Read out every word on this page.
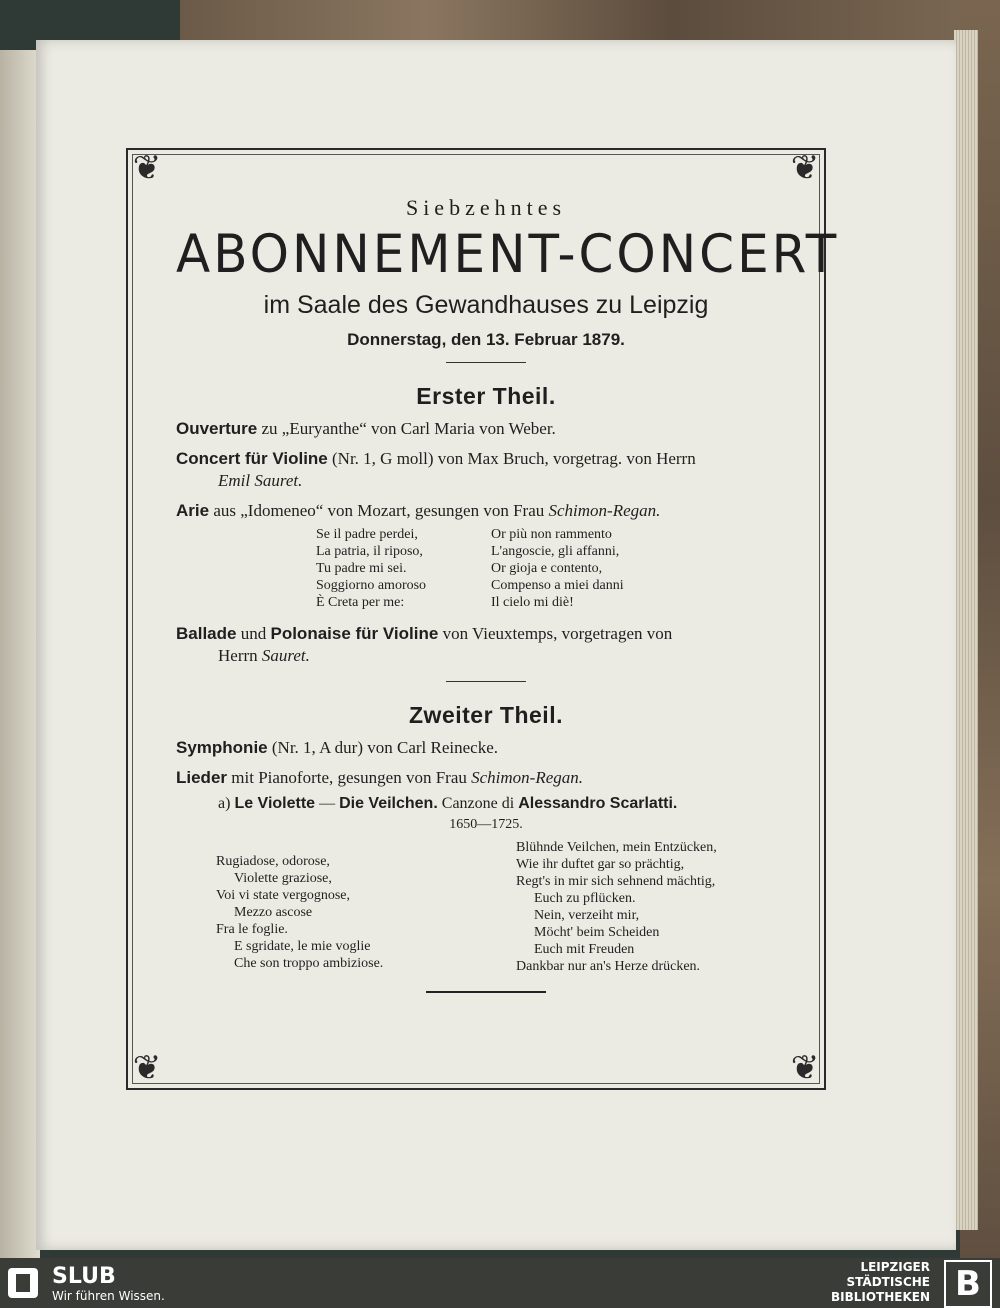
❦	❦
❦	❦
Siebzehntes
ABONNEMENT-CONCERT
im Saale des Gewandhauses zu Leipzig
Donnerstag, den 13. Februar 1879.
Erster Theil.
Ouverture zu „Euryanthe“ von Carl Maria von Weber.
Concert für Violine (Nr. 1, G moll) von Max Bruch, vorgetrag. von Herrn
Emil Sauret.
Arie aus „Idomeneo“ von Mozart, gesungen von Frau Schimon-Regan.
Se il padre perdei,
La patria, il riposo,
Tu padre mi sei.
Soggiorno amoroso
È Creta per me:
Or più non rammento
L'angoscie, gli affanni,
Or gioja e contento,
Compenso a miei danni
Il cielo mi diè!
Ballade und Polonaise für Violine von Vieuxtemps, vorgetragen von
Herrn Sauret.
Zweiter Theil.
Symphonie (Nr. 1, A dur) von Carl Reinecke.
Lieder mit Pianoforte, gesungen von Frau Schimon-Regan.
a) Le Violette — Die Veilchen. Canzone di Alessandro Scarlatti.
1650—1725.
Rugiadose, odorose,
Violette graziose,
Voi vi state vergognose,
Mezzo ascose
Fra le foglie.
E sgridate, le mie voglie
Che son troppo ambiziose.
Blühnde Veilchen, mein Entzücken,
Wie ihr duftet gar so prächtig,
Regt's in mir sich sehnend mächtig,
Euch zu pflücken.
Nein, verzeiht mir,
Möcht' beim Scheiden
Euch mit Freuden
Dankbar nur an's Herze drücken.
SLUB
Wir führen Wissen.
LEIPZIGER
STÄDTISCHE
BIBLIOTHEKEN B
